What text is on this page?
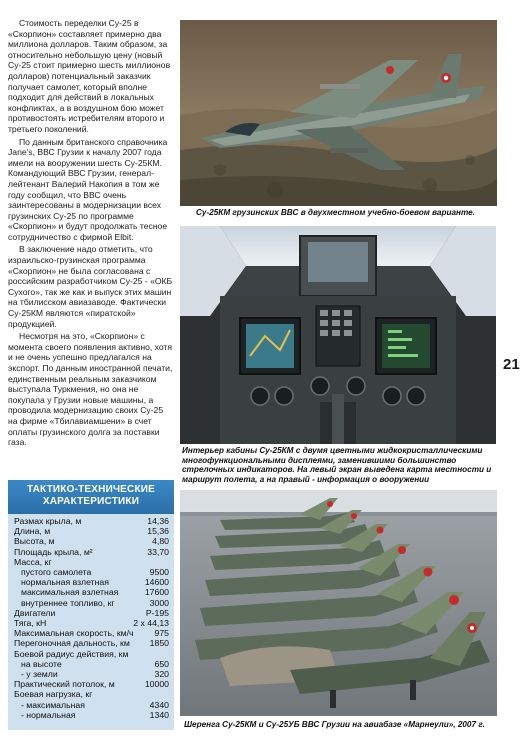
Стоимость переделки Су-25 в «Скорпион» составляет примерно два миллиона долларов. Таким образом, за относительно небольшую цену (новый Су-25 стоит примерно шесть миллионов долларов) потенциальный заказчик получает самолет, который вполне подходит для действий в локальных конфликтах, а в воздушном бою может противостоять истребителям второго и третьего поколений.

По данным британского справочника Jane's, ВВС Грузии к началу 2007 года имели на вооружении шесть Су-25КМ. Командующий ВВС Грузии, генерал-лейтенант Валерий Накопия в том же году сообщил, что ВВС очень заинтересованы в модернизации всех грузинских Су-25 по программе «Скорпион» и будут продолжать тесное сотрудничество с фирмой Elbit.

В заключение надо отметить, что израильско-грузинская программа «Скорпион» не была согласована с российским разработчиком Су-25 - «ОКБ Сухого», так же как и выпуск этих машин на тбилисском авиазаводе. Фактически Су-25КМ являются «пиратской» продукцией.

Несмотря на это, «Скорпион» с момента своего появления активно, хотя и не очень успешно предлагался на экспорт. По данным иностранной печати, единственным реальным заказчиком выступала Туркмения, но она не покупала у Грузии новые машины, а проводила модернизацию своих Су-25 на фирме «Тбилавиамшени» в счет оплаты грузинского долга за поставки газа.

ТАКТИКО-ТЕХНИЧЕСКИЕ
ХАРАКТЕРИСТИКИ
Размах крыла, м	14,36
Длина, м	15,36
Высота, м	4,80
Площадь крыла, м²	33,70
Масса, кг
пустого самолета	9500
нормальная взлетная	14600
максимальная взлетная	17600
внутреннее топливо, кг	3000
Двигатели	Р-195
Тяга, кН	2 х 44,13
Максимальная скорость, км/ч 975
Перегоночная дальность, км 1850
Боевой радиус действия, км
на высоте	650
- у земли	320
Практический потолок, м	10000
Боевая нагрузка, кг
- максимальная	4340
- нормальная	1340
Су-25КМ грузинских ВВС в двухместном учебно-боевом варианте.
Интерьер кабины Су-25КМ с двумя цветными жидкокристаллическими многофункциональными дисплеями, заменившими большинство стрелочных индикаторов. На левый экран выведена карта местности и маршрут полета, а на правый - информация о вооружении
21
Шеренга Су-25КМ и Су-25УБ ВВС Грузии на авиабазе «Марнеули», 2007 г.
